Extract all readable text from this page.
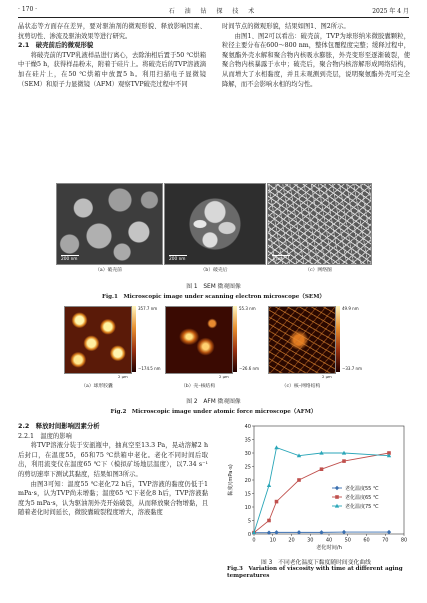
· 170 ·	石 油 钻 探 技 术	2025 年 4 月

晶状态等方面存在差异，要对驱油剂的微观形貌、释放影响因素、抗剪切性、渗流及驱油效果等进行研究。

2.1　破壳前后的微观形貌

将破壳前的TVP乳液样品进行离心，去除油相后置于50 ℃烘箱中干燥5 h，获得样品粉末，附着于硅片上。将破壳后的TVP溶液滴加在硅片上，在50 ℃烘箱中放置5 h。利用扫描电子显微镜（SEM）和原子力显微镜（AFM）观察TVP破壳过程中不同

时间节点的微观形貌，结果如图1、图2所示。

由图1、图2可以看出：破壳前，TVP为球形纳米微胶囊颗粒，粒径主要分布在600～800 nm，整体包覆程度完整；缓释过程中，聚氨酯外壳水解和聚合物内核吸水膨胀，外壳变形至逐渐破裂，使聚合物内核暴露于水中；破壳后，聚合物内核溶解形成网络结构，从而增大了水相黏度，并且未观测到壳层，说明聚氨酯外壳可完全降解，而不会影响水相的均匀性。

200 nm	200 nm	1 μm
（a）破壳前	（b）破壳后	（c）网络图
图 1　SEM 微观图像
Fig.1　Microscopic image under scanning electron microscope（SEM）
357.7 nm
−174.5 nm
2 μm
55.3 nm
−26.6 nm
2 μm
49.9 nm
−33.7 nm
2 μm
（a）球形胶囊	（b）壳–核结构	（c）核–网络结构
图 2　AFM 微观图像
Fig.2　Microscopic image under atomic force microscope（AFM）
2.2　释放时间影响因素分析
2.2.1　温度的影响

将TVP溶液分装于安瓿瓶中，抽真空至13.3 Pa，晃动溶解2 h后封口，在温度55，65和75 ℃烘箱中老化。老化不同时间后取出，利用流变仪在温度65 ℃下（模拟矿场地层温度），以7.34 s⁻¹的剪切速率下测试其黏度，结果如图3所示。

由图3可知：温度55 ℃老化72 h后，TVP溶液的黏度仍低于1 mPa·s，认为TVP尚未增黏；温度65 ℃下老化8 h后，TVP溶液黏度为5 mPa·s，认为驱油剂外壳开始破裂，从而释放聚合物增黏，且随着老化时间延长，微胶囊破裂程度增大，溶液黏度

0	10 20 30 40 50 60 70 80
0
5
10
15
20
25
30
35
40
老化时间/h
黏度/(mPa·s)	老化温度55 ℃
老化温度65 ℃
老化温度75 ℃
图 3　不同老化温度下黏度随时间变化曲线
Fig.3　Variation of viscosity with time at different aging temperatures
